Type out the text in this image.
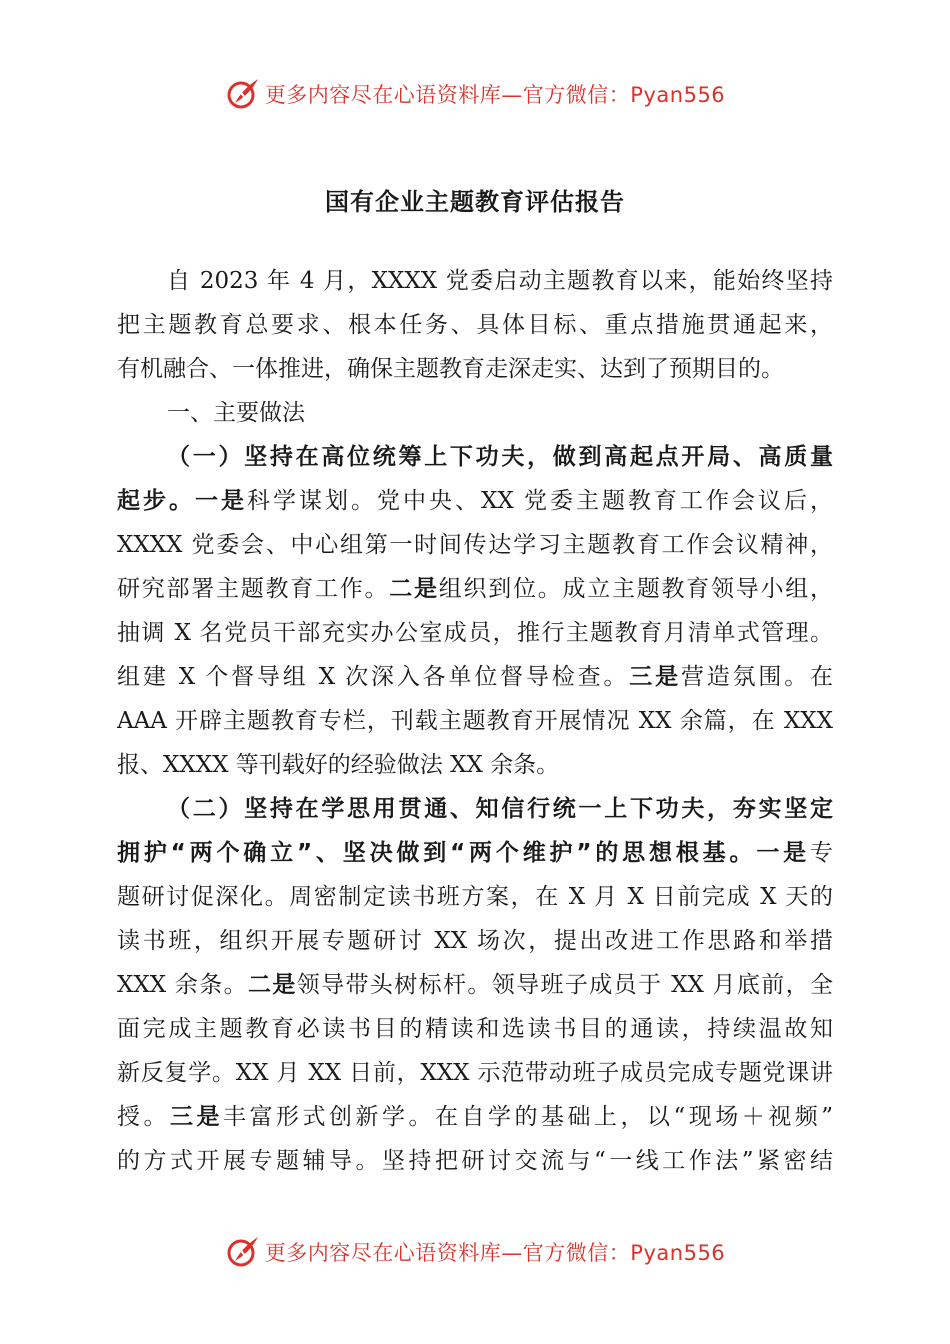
更多内容尽在心语资料库—官方微信：Pyan556
国有企业主题教育评估报告
自 2023 年 4 月，XXXX 党委启动主题教育以来，能始终坚持
把主题教育总要求、根本任务、具体目标、重点措施贯通起来，
有机融合、一体推进，确保主题教育走深走实、达到了预期目的。
一、主要做法
（一）坚持在高位统筹上下功夫，做到高起点开局、高质量
起步。一是科学谋划。党中央、XX 党委主题教育工作会议后，
XXXX 党委会、中心组第一时间传达学习主题教育工作会议精神，
研究部署主题教育工作。二是组织到位。成立主题教育领导小组，
抽调 X 名党员干部充实办公室成员，推行主题教育月清单式管理。
组建 X 个督导组 X 次深入各单位督导检查。三是营造氛围。在
AAA 开辟主题教育专栏，刊载主题教育开展情况 XX 余篇，在 XXX
报、XXXX 等刊载好的经验做法 XX 余条。
（二）坚持在学思用贯通、知信行统一上下功夫，夯实坚定
拥护“两个确立”、坚决做到“两个维护”的思想根基。一是专
题研讨促深化。周密制定读书班方案，在 X 月 X 日前完成 X 天的
读书班，组织开展专题研讨 XX 场次，提出改进工作思路和举措
XXX 余条。二是领导带头树标杆。领导班子成员于 XX 月底前，全
面完成主题教育必读书目的精读和选读书目的通读，持续温故知
新反复学。XX 月 XX 日前，XXX 示范带动班子成员完成专题党课讲
授。三是丰富形式创新学。在自学的基础上，以“现场＋视频”
的方式开展专题辅导。坚持把研讨交流与“一线工作法”紧密结
更多内容尽在心语资料库—官方微信：Pyan556
